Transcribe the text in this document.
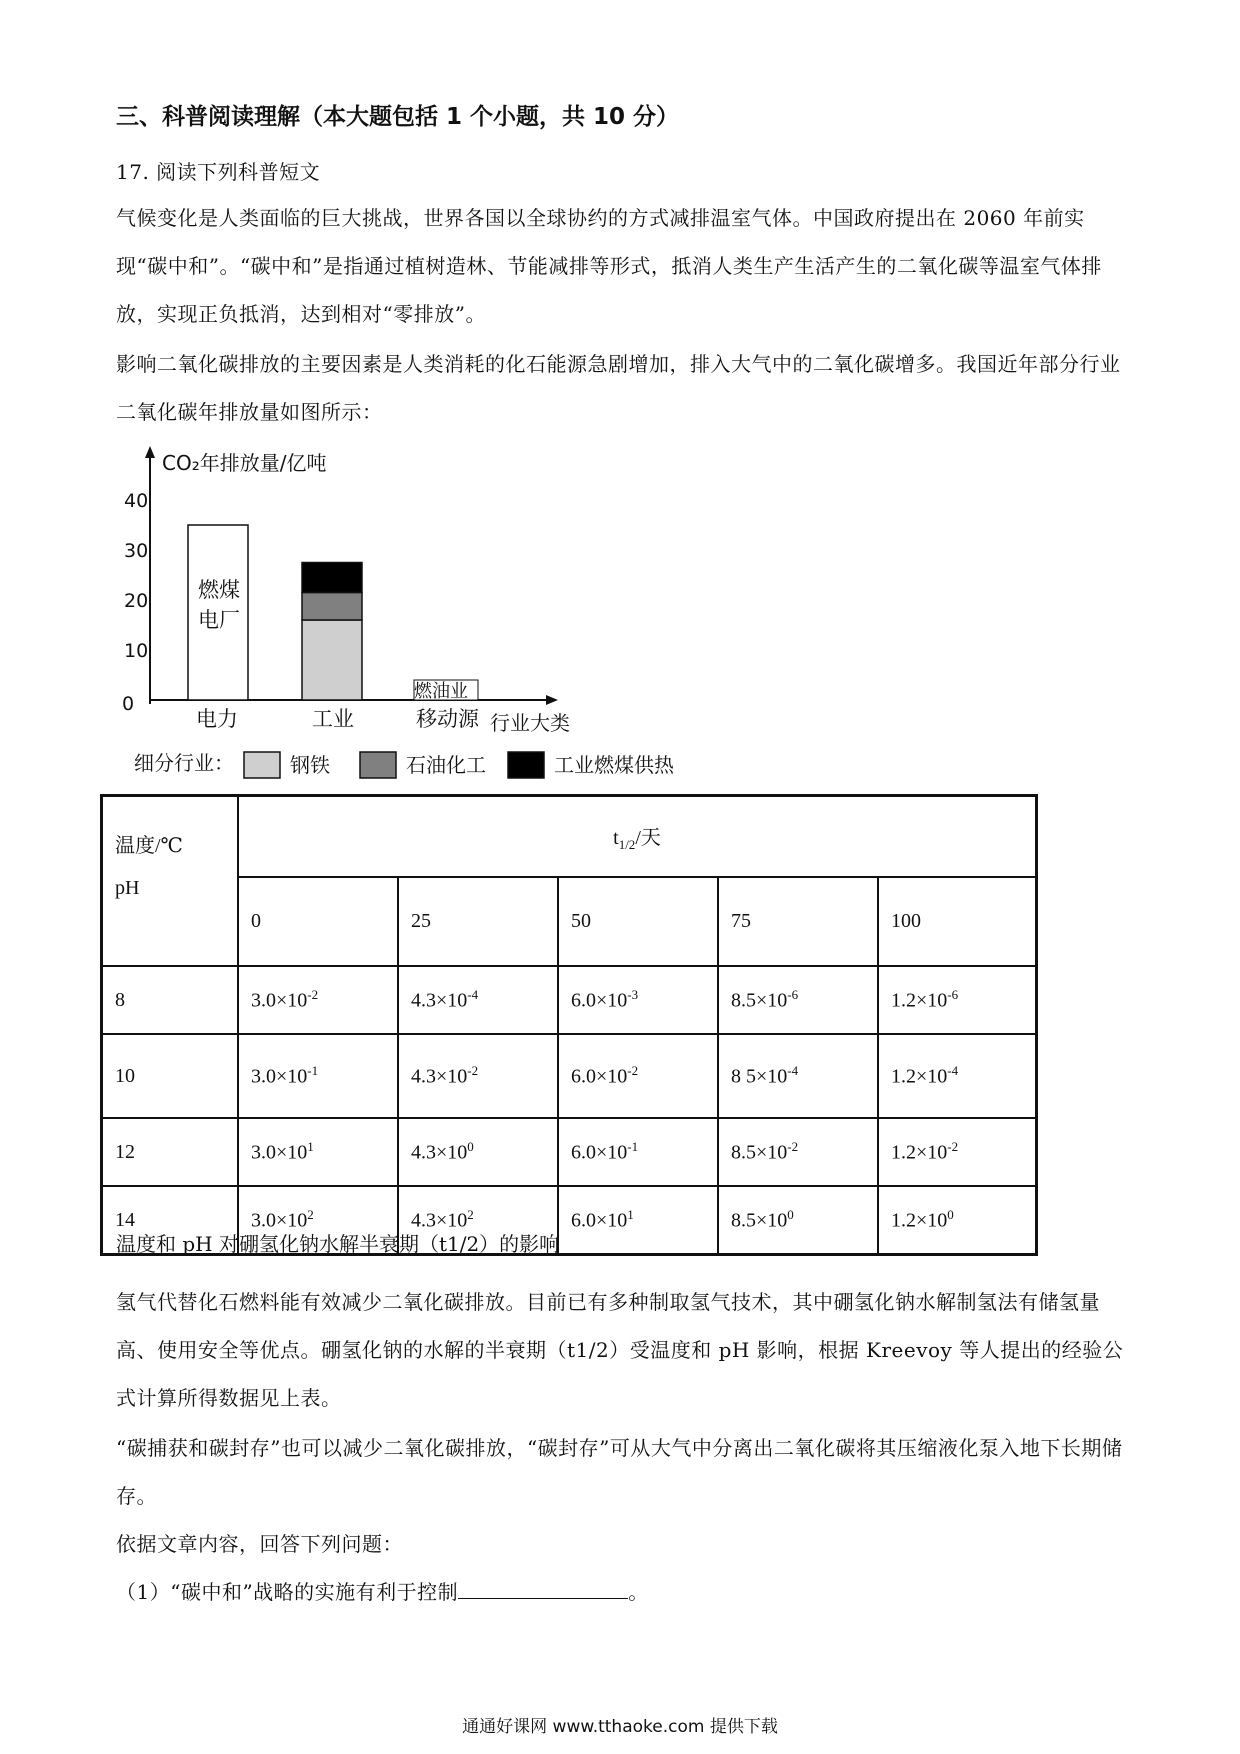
三、科普阅读理解（本大题包括 1 个小题，共 10 分）
17. 阅读下列科普短文
气候变化是人类面临的巨大挑战，世界各国以全球协约的方式减排温室气体。中国政府提出在 2060 年前实现“碳中和”。“碳中和”是指通过植树造林、节能减排等形式，抵消人类生产生活产生的二氧化碳等温室气体排放，实现正负抵消，达到相对“零排放”。
影响二氧化碳排放的主要因素是人类消耗的化石能源急剧增加，排入大气中的二氧化碳增多。我国近年部分行业二氧化碳年排放量如图所示：
CO₂年排放量/亿吨
0
10
20
30
40
燃煤
电厂
燃油业
电力	工业	移动源 行业大类
细分行业：	钢铁	石油化工	工业燃煤供热
温度/℃
pH	$t_{1/2}/$天				
	0	25	50	75	100
8	$3.0\times 10^{-2}$	$4.3\times 10^{-4}$	$6.0\times 10^{-3}$	$8.5\times 10^{-6}$	$1.2\times 10^{-6}$
10	$3.0\times 10^{-1}$	$4.3\times 10^{-2}$	$6.0\times 10^{-2}$	8 $5\times 10^{-4}$	$1.2\times 10^{-4}$
12	$3.0\times 10^1$	$4.3\times 10^0$	$6.0\times 10^{-1}$	$8.5\times 10^{-2}$	$1.2\times 10^{-2}$
14	$3.0\times 10^2$	$4.3\times 10^2$	$6.0\times 10^1$	$8.5\times 10^0$	$1.2\times 10^0$
温度和 pH 对硼氢化钠水解半衰期（t1/2）的影响
氢气代替化石燃料能有效减少二氧化碳排放。目前已有多种制取氢气技术，其中硼氢化钠水解制氢法有储氢量高、使用安全等优点。硼氢化钠的水解的半衰期（t1/2）受温度和 pH 影响，根据 Kreevoy 等人提出的经验公式计算所得数据见上表。
“碳捕获和碳封存”也可以减少二氧化碳排放，“碳封存”可从大气中分离出二氧化碳将其压缩液化泵入地下长期储存。
依据文章内容，回答下列问题：
（1）“碳中和”战略的实施有利于控制	。
通通好课网 www.tthaoke.com 提供下载
